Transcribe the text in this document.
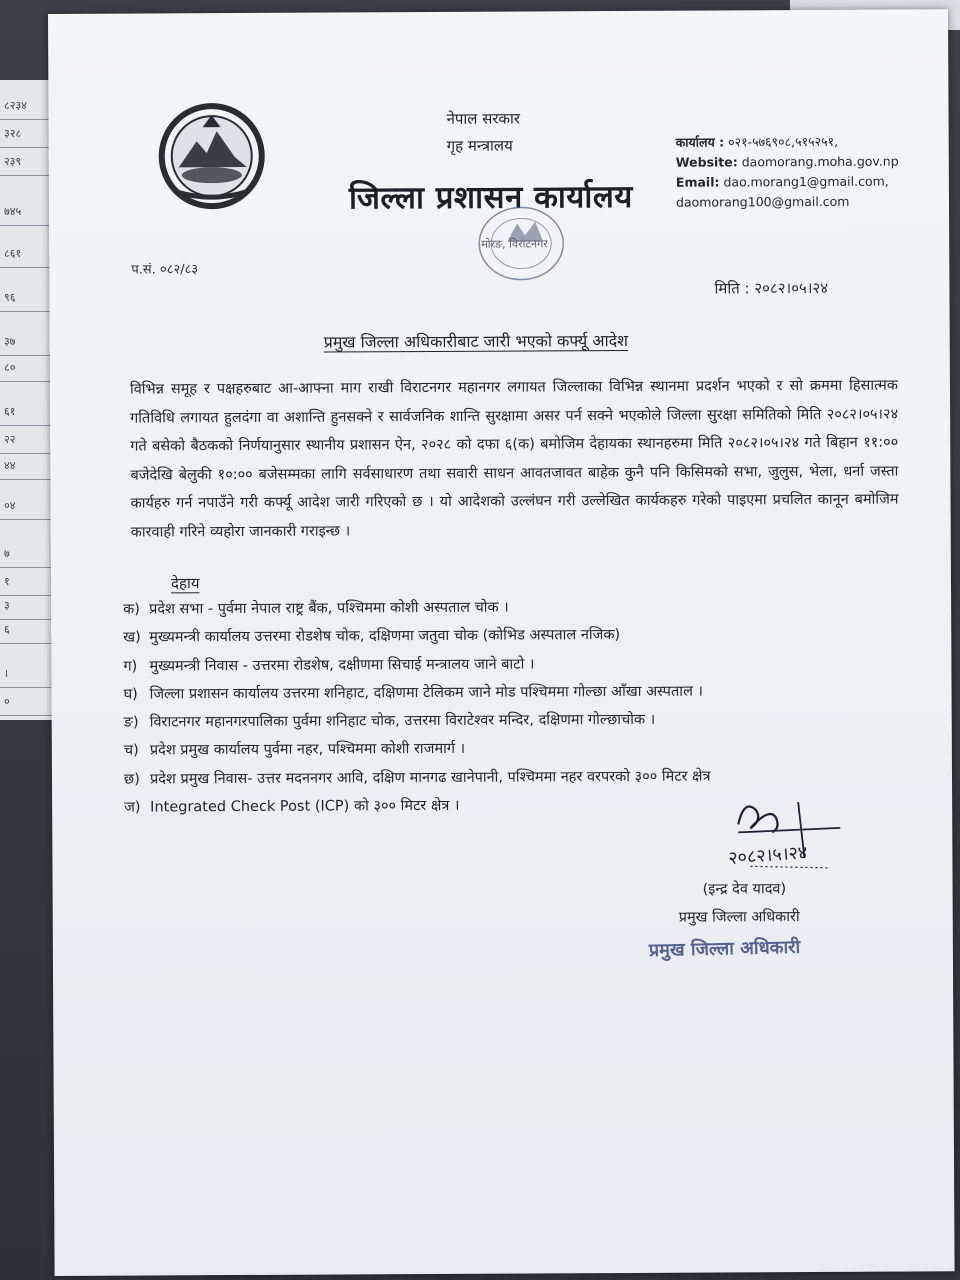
८२३४
३२८
२३९
७४५
८६१
९६
३७
८०
६१
२२
४४
०४
७
१
३
६
।
०
नेपाल सरकार
गृह मन्त्रालय
जिल्ला प्रशासन कार्यालय
मोरङ, विराटनगर
कार्यालय : ०२१-५७६९०८,५१५२५१,
Website: daomorang.moha.gov.np
Email: dao.morang1@gmail.com,
daomorang100@gmail.com
प.सं. ०८२/८३
मिति : २०८२।०५।२४
प्रमुख जिल्ला अधिकारीबाट जारी भएको कर्फ्यू आदेश
विभिन्न समूह र पक्षहरुबाट आ-आफ्ना माग राखी विराटनगर महानगर लगायत जिल्लाका विभिन्न स्थानमा प्रदर्शन भएको र सो क्रममा हिसात्मक गतिविधि लगायत हुलदंगा वा अशान्ति हुनसक्ने र सार्वजनिक शान्ति सुरक्षामा असर पर्न सक्ने भएकोले जिल्ला सुरक्षा समितिको मिति २०८२।०५।२४ गते बसेको बैठकको निर्णयानुसार स्थानीय प्रशासन ऐन, २०२८ को दफा ६(क) बमोजिम देहायका स्थानहरुमा मिति २०८२।०५।२४ गते बिहान ११:०० बजेदेखि बेलुकी १०:०० बजेसम्मका लागि सर्वसाधारण तथा सवारी साधन आवतजावत बाहेक कुनै पनि किसिमको सभा, जुलुस, भेला, धर्ना जस्ता कार्यहरु गर्न नपाउँने गरी कर्फ्यू आदेश जारी गरिएको छ । यो आदेशको उल्लंघन गरी उल्लेखित कार्यकहरु गरेको पाइएमा प्रचलित कानून बमोजिम कारवाही गरिने व्यहोरा जानकारी गराइन्छ ।
देहाय
क) प्रदेश सभा - पुर्वमा नेपाल राष्ट्र बैंक, पश्चिममा कोशी अस्पताल चोक ।
ख) मुख्यमन्त्री कार्यालय उत्तरमा रोडशेष चोक, दक्षिणमा जतुवा चोक (कोभिड अस्पताल नजिक)
ग) मुख्यमन्त्री निवास - उत्तरमा रोडशेष, दक्षीणमा सिचाई मन्त्रालय जाने बाटो ।
घ) जिल्ला प्रशासन कार्यालय उत्तरमा शनिहाट, दक्षिणमा टेलिकम जाने मोड पश्चिममा गोल्छा आँखा अस्पताल ।
ङ) विराटनगर महानगरपालिका पुर्वमा शनिहाट चोक, उत्तरमा विराटेश्वर मन्दिर, दक्षिणमा गोल्छाचोक ।
च) प्रदेश प्रमुख कार्यालय पुर्वमा नहर, पश्चिममा कोशी राजमार्ग ।
छ) प्रदेश प्रमुख निवास- उत्तर मदननगर आवि, दक्षिण मानगढ खानेपानी, पश्चिममा नहर वरपरको ३०० मिटर क्षेत्र
ज) Integrated Check Post (ICP) को ३०० मिटर क्षेत्र ।
२०८२।५।२४
(इन्द्र देव यादव)
प्रमुख जिल्ला अधिकारी
प्रमुख जिल्ला अधिकारी
